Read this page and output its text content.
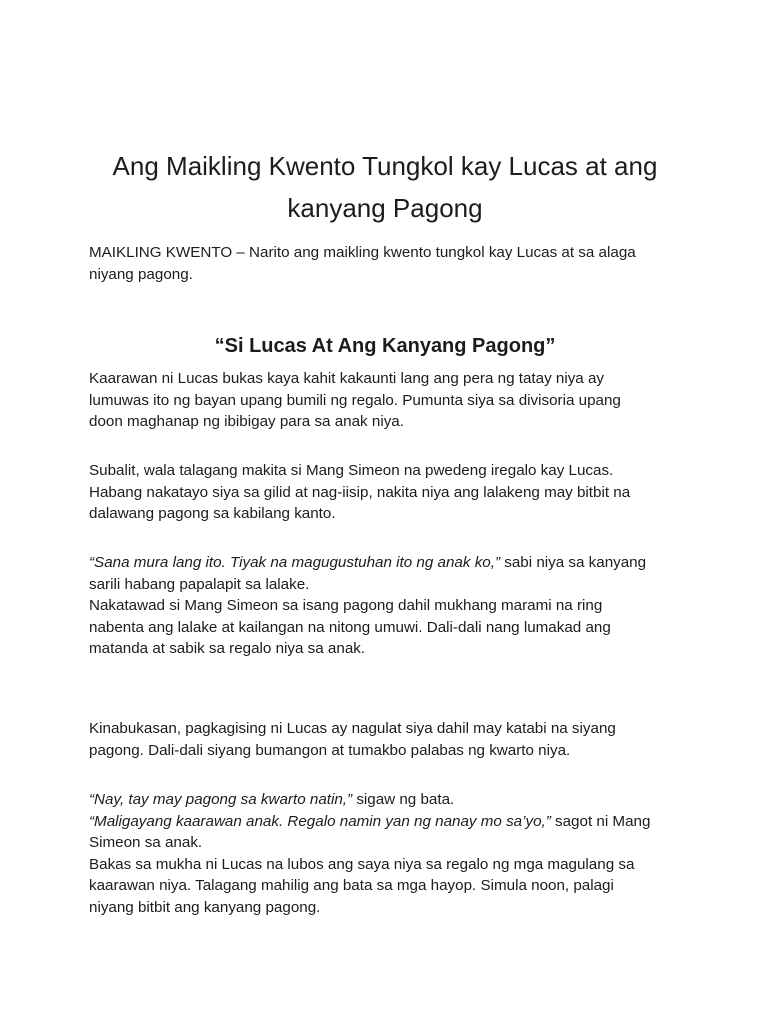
Ang Maikling Kwento Tungkol kay Lucas at ang
kanyang Pagong

MAIKLING KWENTO – Narito ang maikling kwento tungkol kay Lucas at sa alaga
niyang pagong.

“Si Lucas At Ang Kanyang Pagong”

Kaarawan ni Lucas bukas kaya kahit kakaunti lang ang pera ng tatay niya ay
lumuwas ito ng bayan upang bumili ng regalo. Pumunta siya sa divisoria upang
doon maghanap ng ibibigay para sa anak niya.

Subalit, wala talagang makita si Mang Simeon na pwedeng iregalo kay Lucas.
Habang nakatayo siya sa gilid at nag-iisip, nakita niya ang lalakeng may bitbit na
dalawang pagong sa kabilang kanto.

“Sana mura lang ito. Tiyak na magugustuhan ito ng anak ko,” sabi niya sa kanyang
sarili habang papalapit sa lalake.
Nakatawad si Mang Simeon sa isang pagong dahil mukhang marami na ring
nabenta ang lalake at kailangan na nitong umuwi. Dali-dali nang lumakad ang
matanda at sabik sa regalo niya sa anak.

Kinabukasan, pagkagising ni Lucas ay nagulat siya dahil may katabi na siyang
pagong. Dali-dali siyang bumangon at tumakbo palabas ng kwarto niya.

“Nay, tay may pagong sa kwarto natin,” sigaw ng bata.
“Maligayang kaarawan anak. Regalo namin yan ng nanay mo sa’yo,” sagot ni Mang
Simeon sa anak.
Bakas sa mukha ni Lucas na lubos ang saya niya sa regalo ng mga magulang sa
kaarawan niya. Talagang mahilig ang bata sa mga hayop. Simula noon, palagi
niyang bitbit ang kanyang pagong.
